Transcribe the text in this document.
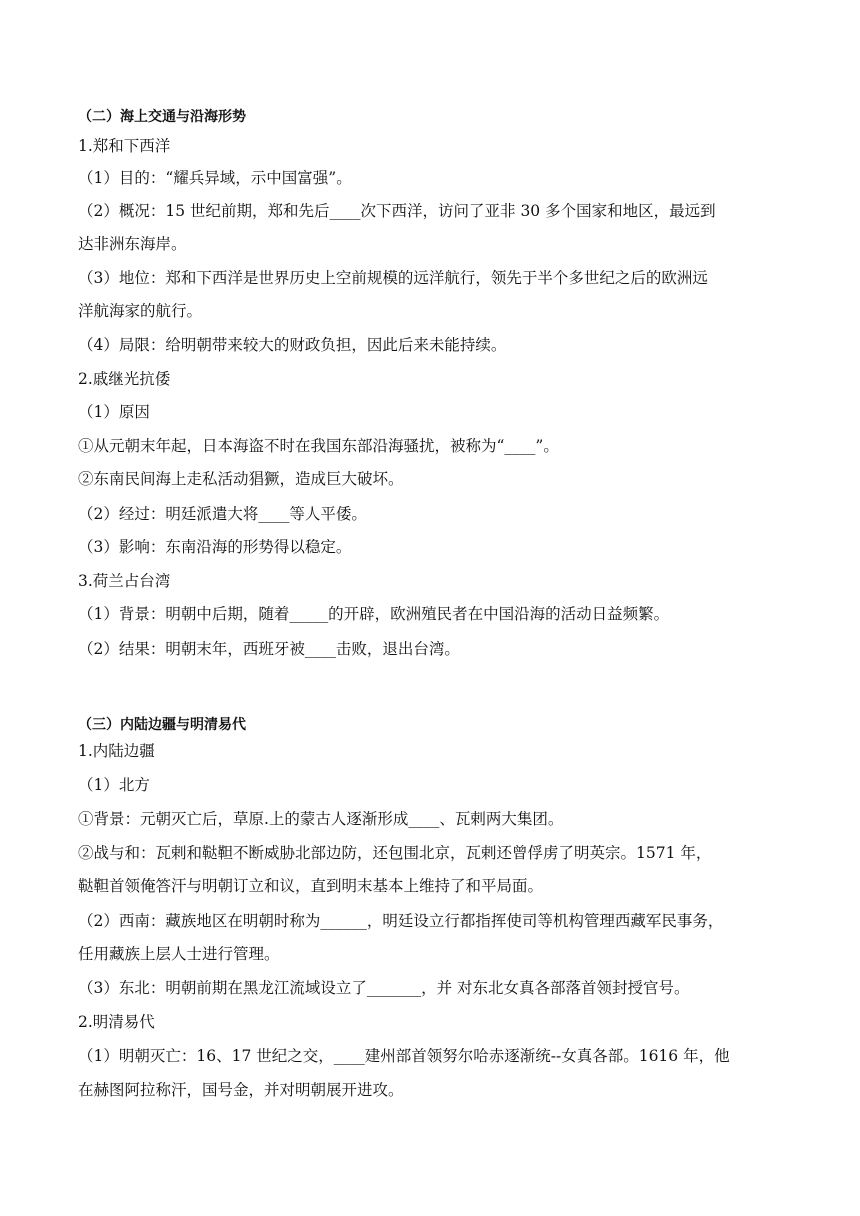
（二）海上交通与沿海形势
1.郑和下西洋
（1）目的：“耀兵异域，示中国富强”。
（2）概况：15 世纪前期，郑和先后____次下西洋，访问了亚非 30 多个国家和地区，最远到
达非洲东海岸。
（3）地位：郑和下西洋是世界历史上空前规模的远洋航行，领先于半个多世纪之后的欧洲远
洋航海家的航行。
（4）局限：给明朝带来较大的财政负担，因此后来未能持续。
2.戚继光抗倭
（1）原因
①从元朝末年起，日本海盗不时在我国东部沿海骚扰，被称为“____”。
②东南民间海上走私活动猖獗，造成巨大破坏。
（2）经过：明廷派遣大将____等人平倭。
（3）影响：东南沿海的形势得以稳定。
3.荷兰占台湾
（1）背景：明朝中后期，随着_____的开辟，欧洲殖民者在中国沿海的活动日益频繁。
（2）结果：明朝末年，西班牙被____击败，退出台湾。
（三）内陆边疆与明清易代
1.内陆边疆
（1）北方
①背景：元朝灭亡后，草原.上的蒙古人逐渐形成____、瓦剌两大集团。
②战与和：瓦剌和鞑靼不断威胁北部边防，还包围北京，瓦剌还曾俘虏了明英宗。1571 年，
鞑靼首领俺答汗与明朝订立和议，直到明末基本上维持了和平局面。
（2）西南：藏族地区在明朝时称为______，明廷设立行都指挥使司等机构管理西藏军民事务，
任用藏族上层人士进行管理。
（3）东北：明朝前期在黑龙江流域设立了_______，并 对东北女真各部落首领封授官号。
2.明清易代
（1）明朝灭亡：16、17 世纪之交，____建州部首领努尔哈赤逐渐统--女真各部。1616 年，他
在赫图阿拉称汗，国号金，并对明朝展开进攻。
